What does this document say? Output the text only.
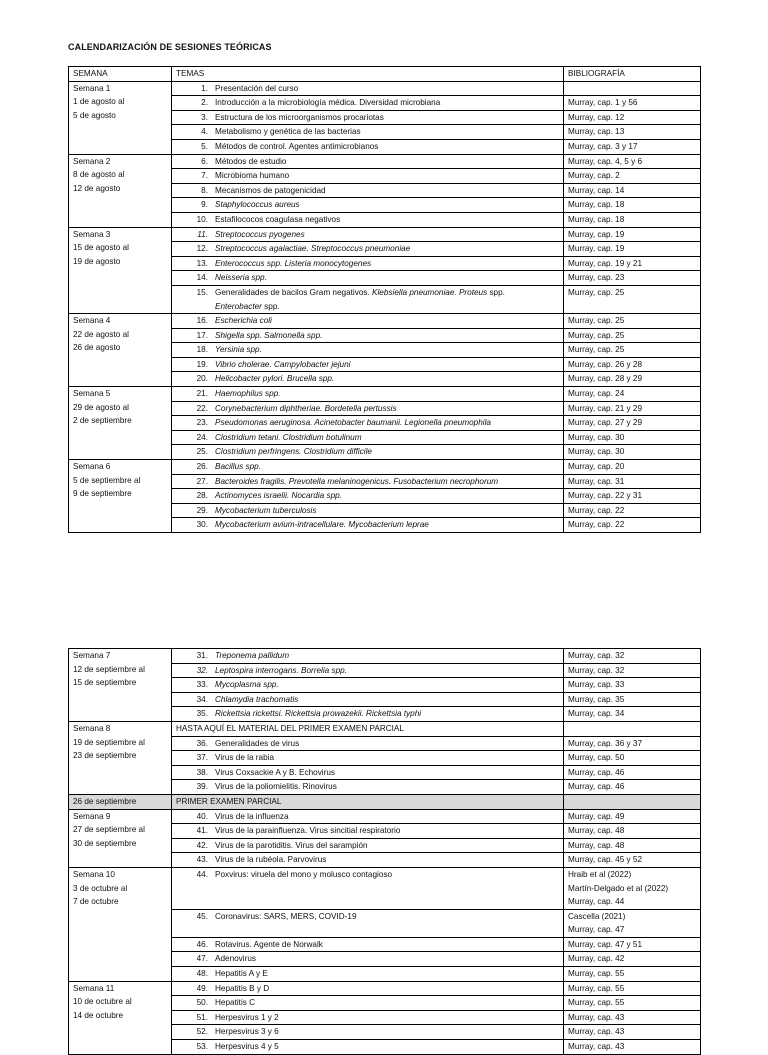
CALENDARIZACIÓN DE SESIONES TEÓRICAS
SEMANA	TEMAS	BIBLIOGRAFÍA

Semana 1
1 de agosto al
5 de agosto	1. Presentación del curso	
	2. Introducción a la microbiología médica. Diversidad microbiana	Murray, cap. 1 y 56
	3. Estructura de los microorganismos procariotas	Murray, cap. 12
	4. Metabolismo y genética de las bacterias	Murray, cap. 13
	5. Métodos de control. Agentes antimicrobianos	Murray, cap. 3 y 17

Semana 2
8 de agosto al
12 de agosto	6. Métodos de estudio	Murray, cap. 4, 5 y 6
	7. Microbioma humano	Murray, cap. 2
	8. Mecanismos de patogenicidad	Murray, cap. 14
	9. Staphylococcus aureus	Murray, cap. 18
	10. Estafilococos coagulasa negativos	Murray, cap. 18

Semana 3
15 de agosto al
19 de agosto	11. Streptococcus pyogenes	Murray, cap. 19
	12. Streptococcus agalactiae. Streptococcus pneumoniae	Murray, cap. 19
	13. Enterococcus spp. Listeria monocytogenes	Murray, cap. 19 y 21
	14. Neisseria spp.	Murray, cap. 23
	15. Generalidades de bacilos Gram negativos. Klebsiella pneumoniae. Proteus spp.
Enterobacter spp.	Murray, cap. 25

Semana 4
22 de agosto al
26 de agosto	16. Escherichia coli	Murray, cap. 25
	17. Shigella spp. Salmonella spp.	Murray, cap. 25
	18. Yersinia spp.	Murray, cap. 25
	19. Vibrio cholerae. Campylobacter jejuni	Murray, cap. 26 y 28
	20. Helicobacter pylori. Brucella spp.	Murray, cap. 28 y 29

Semana 5
29 de agosto al
2 de septiembre	21. Haemophilus spp.	Murray, cap. 24
	22. Corynebacterium diphtheriae. Bordetella pertussis	Murray, cap. 21 y 29
	23. Pseudomonas aeruginosa. Acinetobacter baumanii. Legionella pneumophila	Murray, cap. 27 y 29
	24. Clostridium tetani. Clostridium botulinum	Murray, cap. 30
	25. Clostridium perfringens. Clostridium difficile	Murray, cap. 30

Semana 6
5 de septiembre al
9 de septiembre	26. Bacillus spp.	Murray, cap. 20
	27. Bacteroides fragilis. Prevotella melaninogenicus. Fusobacterium necrophorum	Murray, cap. 31
	28. Actinomyces israelii. Nocardia spp.	Murray, cap. 22 y 31
	29. Mycobacterium tuberculosis	Murray, cap. 22
	30. Mycobacterium avium-intracellulare. Mycobacterium leprae	Murray, cap. 22
Semana 7
12 de septiembre al
15 de septiembre	31. Treponema pallidum	Murray, cap. 32
	32. Leptospira interrogans. Borrelia spp.	Murray, cap. 32
	33. Mycoplasma spp.	Murray, cap. 33
	34. Chlamydia trachomatis	Murray, cap. 35
	35. Rickettsia rickettsi. Rickettsia prowazekii. Rickettsia typhi	Murray, cap. 34

Semana 8
19 de septiembre al
23 de septiembre	HASTA AQUÍ EL MATERIAL DEL PRIMER EXAMEN PARCIAL	
	36. Generalidades de virus	Murray, cap. 36 y 37
	37. Virus de la rabia	Murray, cap. 50
	38. Virus Coxsackie A y B. Echovirus	Murray, cap. 46
	39. Virus de la poliomielitis. Rinovirus	Murray, cap. 46
26 de septiembre	PRIMER EXAMEN PARCIAL	

Semana 9
27 de septiembre al
30 de septiembre	40. Virus de la influenza	Murray, cap. 49
	41. Virus de la parainfluenza. Virus sincitial respiratorio	Murray, cap. 48
	42. Virus de la parotiditis. Virus del sarampión	Murray, cap. 48
	43. Virus de la rubéola. Parvovirus	Murray, cap. 45 y 52

Semana 10
3 de octubre al
7 de octubre	44. Poxvirus: viruela del mono y molusco contagioso	Hraib et al (2022)
Martín-Delgado et al (2022)
Murray, cap. 44

	45. Coronavirus: SARS, MERS, COVID-19	Cascella (2021)
Murray, cap. 47

	46. Rotavirus. Agente de Norwalk	Murray, cap. 47 y 51
	47. Adenovirus	Murray, cap. 42
	48. Hepatitis A y E	Murray, cap. 55

Semana 11
10 de octubre al
14 de octubre	49. Hepatitis B y D	Murray, cap. 55
	50. Hepatitis C	Murray, cap. 55
	51. Herpesvirus 1 y 2	Murray, cap. 43
	52. Herpesvirus 3 y 6	Murray, cap. 43
	53. Herpesvirus 4 y 5	Murray, cap. 43
